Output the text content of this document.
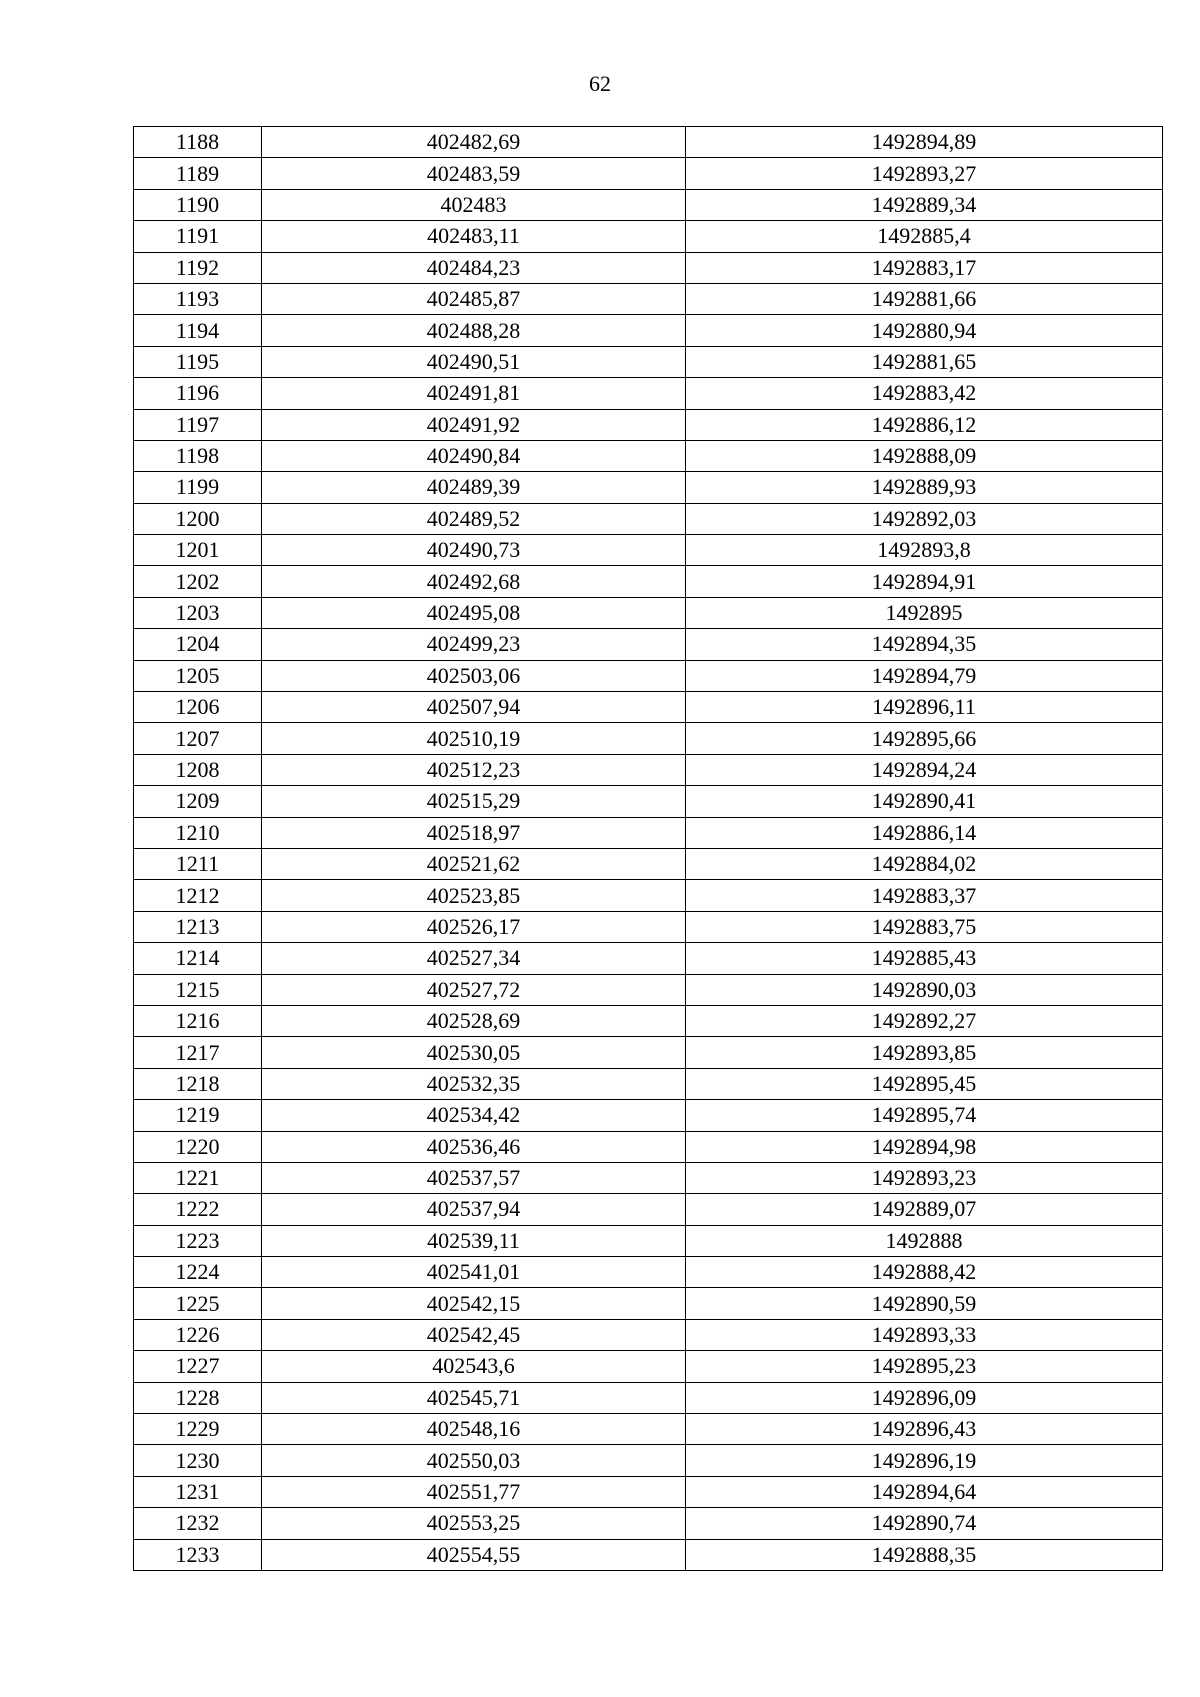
62
1188	402482,69	1492894,89
1189	402483,59	1492893,27
1190	402483	1492889,34
1191	402483,11	1492885,4
1192	402484,23	1492883,17
1193	402485,87	1492881,66
1194	402488,28	1492880,94
1195	402490,51	1492881,65
1196	402491,81	1492883,42
1197	402491,92	1492886,12
1198	402490,84	1492888,09
1199	402489,39	1492889,93
1200	402489,52	1492892,03
1201	402490,73	1492893,8
1202	402492,68	1492894,91
1203	402495,08	1492895
1204	402499,23	1492894,35
1205	402503,06	1492894,79
1206	402507,94	1492896,11
1207	402510,19	1492895,66
1208	402512,23	1492894,24
1209	402515,29	1492890,41
1210	402518,97	1492886,14
1211	402521,62	1492884,02
1212	402523,85	1492883,37
1213	402526,17	1492883,75
1214	402527,34	1492885,43
1215	402527,72	1492890,03
1216	402528,69	1492892,27
1217	402530,05	1492893,85
1218	402532,35	1492895,45
1219	402534,42	1492895,74
1220	402536,46	1492894,98
1221	402537,57	1492893,23
1222	402537,94	1492889,07
1223	402539,11	1492888
1224	402541,01	1492888,42
1225	402542,15	1492890,59
1226	402542,45	1492893,33
1227	402543,6	1492895,23
1228	402545,71	1492896,09
1229	402548,16	1492896,43
1230	402550,03	1492896,19
1231	402551,77	1492894,64
1232	402553,25	1492890,74
1233	402554,55	1492888,35
